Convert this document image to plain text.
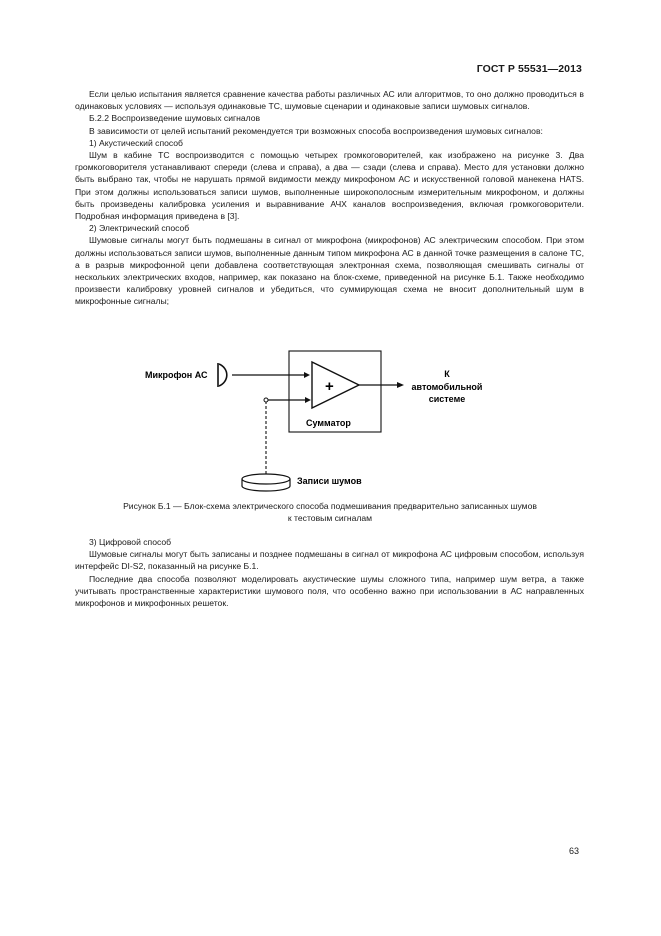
ГОСТ Р 55531—2013

Если целью испытания является сравнение качества работы различных АС или алгоритмов, то оно должно проводиться в одинаковых условиях — используя одинаковые ТС, шумовые сценарии и одинаковые записи шумовых сигналов.

Б.2.2 Воспроизведение шумовых сигналов

В зависимости от целей испытаний рекомендуется три возможных способа воспроизведения шумовых сигналов:

1) Акустический способ

Шум в кабине ТС воспроизводится с помощью четырех громкоговорителей, как изображено на рисунке 3. Два громкоговорителя устанавливают спереди (слева и справа), а два — сзади (слева и справа). Место для установки должно быть выбрано так, чтобы не нарушать прямой видимости между микрофоном АС и искусственной головой манекена HATS. При этом должны использоваться записи шумов, выполненные широкополосным измерительным микрофоном, и должны быть произведены калибровка усиления и выравнивание АЧХ каналов воспроизведения, включая громкоговорители. Подробная информация приведена в [3].

2) Электрический способ

Шумовые сигналы могут быть подмешаны в сигнал от микрофона (микрофонов) АС электрическим способом. При этом должны использоваться записи шумов, выполненные данным типом микрофона АС в данной точке размещения в салоне ТС, а в разрыв микрофонной цепи добавлена соответствующая электронная схема, позволяющая смешивать сигналы от нескольких электрических входов, например, как показано на блок-схеме, приведенной на рисунке Б.1. Также необходимо произвести калибровку уровней сигналов и убедиться, что суммирующая схема не вносит дополнительный шум в микрофонные сигналы;

Микрофон АС
+
Сумматор
К
автомобильной
системе
Записи шумов
Рисунок Б.1 — Блок-схема электрического способа подмешивания предварительно записанных шумов
к тестовым сигналам

3) Цифровой способ

Шумовые сигналы могут быть записаны и позднее подмешаны в сигнал от микрофона АС цифровым способом, используя интерфейс DI-S2, показанный на рисунке Б.1.

Последние два способа позволяют моделировать акустические шумы сложного типа, например шум ветра, а также учитывать пространственные характеристики шумового поля, что особенно важно при использовании в АС направленных микрофонов и микрофонных решеток.

63
